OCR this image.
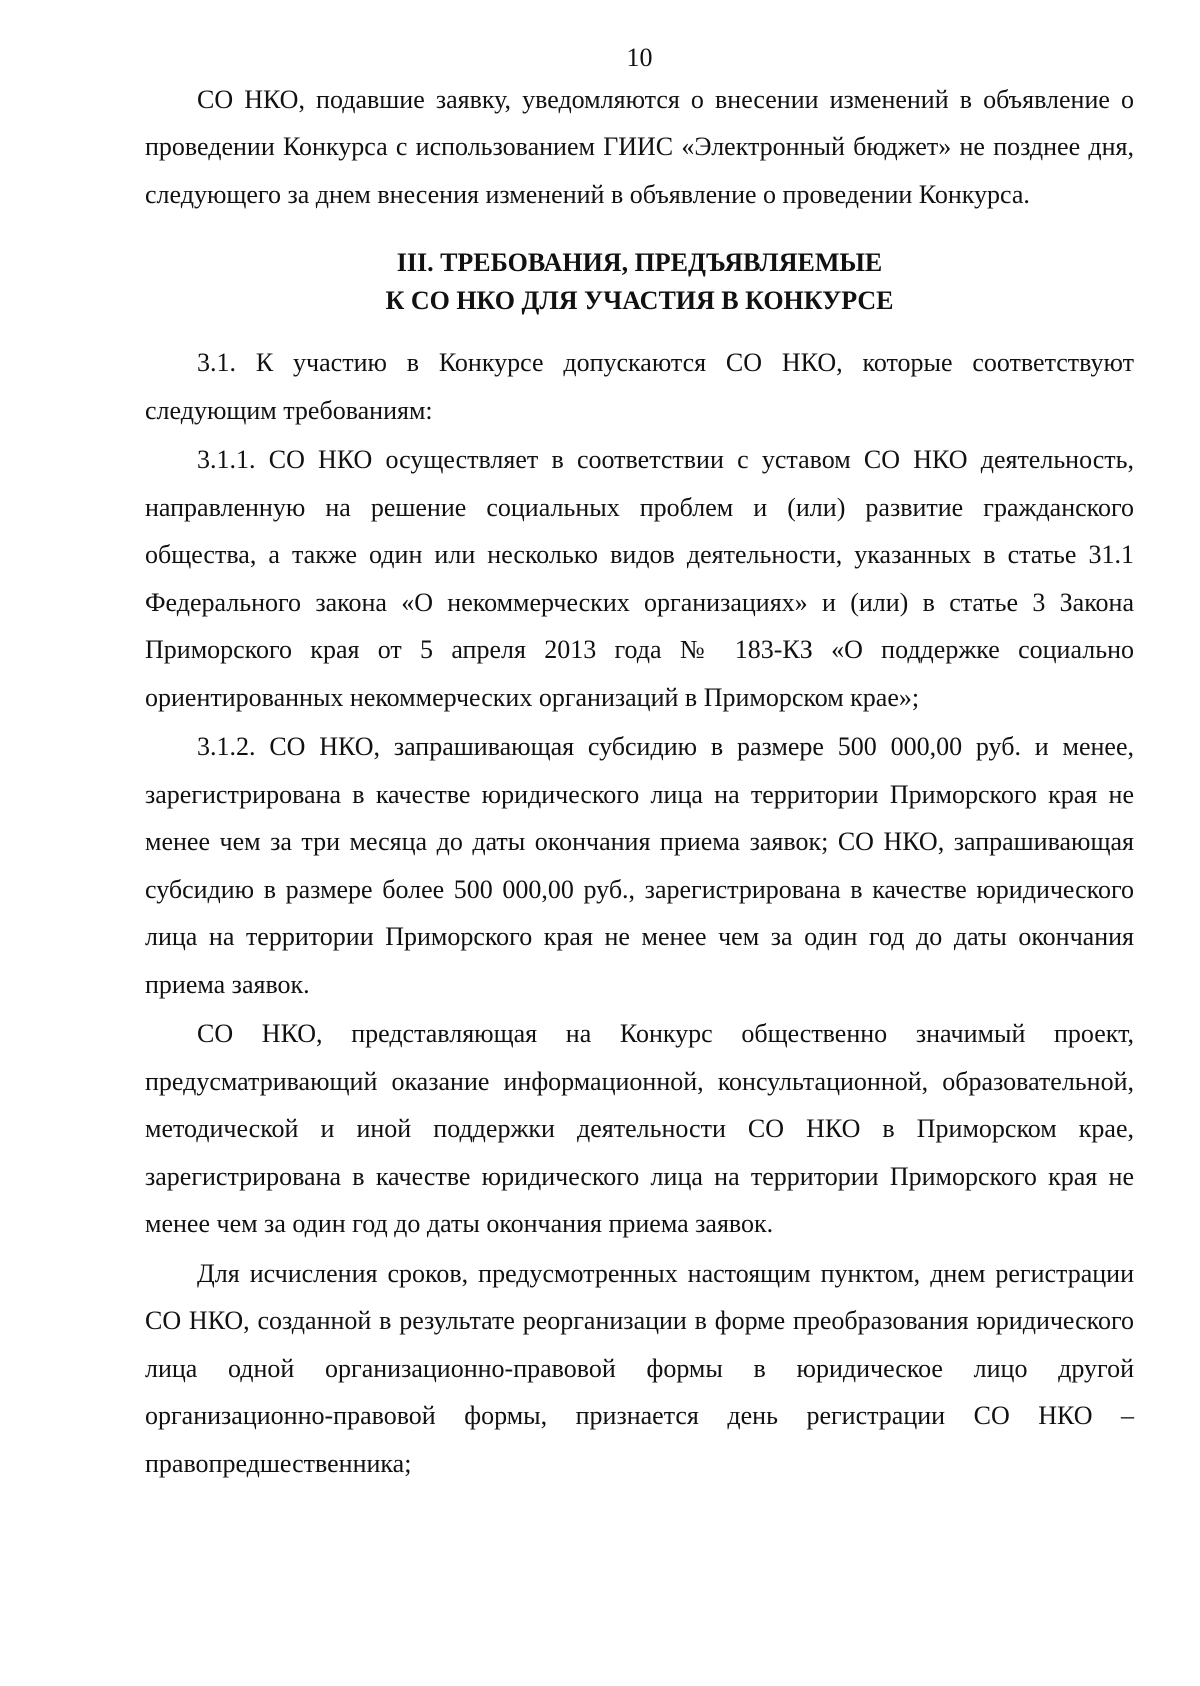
10

СО НКО, подавшие заявку, уведомляются о внесении изменений в объявление о проведении Конкурса с использованием ГИИС «Электронный бюджет» не позднее дня, следующего за днем внесения изменений в объявление о проведении Конкурса.

III. ТРЕБОВАНИЯ, ПРЕДЪЯВЛЯЕМЫЕ
К СО НКО ДЛЯ УЧАСТИЯ В КОНКУРСЕ

3.1. К участию в Конкурсе допускаются СО НКО, которые соответствуют следующим требованиям:

3.1.1. СО НКО осуществляет в соответствии с уставом СО НКО деятельность, направленную на решение социальных проблем и (или) развитие гражданского общества, а также один или несколько видов деятельности, указанных в статье 31.1 Федерального закона «О некоммерческих организациях» и (или) в статье 3 Закона Приморского края от 5 апреля 2013 года № 183-КЗ «О поддержке социально ориентированных некоммерческих организаций в Приморском крае»;

3.1.2. СО НКО, запрашивающая субсидию в размере 500 000,00 руб. и менее, зарегистрирована в качестве юридического лица на территории Приморского края не менее чем за три месяца до даты окончания приема заявок; СО НКО, запрашивающая субсидию в размере более 500 000,00 руб., зарегистрирована в качестве юридического лица на территории Приморского края не менее чем за один год до даты окончания приема заявок.

СО НКО, представляющая на Конкурс общественно значимый проект, предусматривающий оказание информационной, консультационной, образовательной, методической и иной поддержки деятельности СО НКО в Приморском крае, зарегистрирована в качестве юридического лица на территории Приморского края не менее чем за один год до даты окончания приема заявок.

Для исчисления сроков, предусмотренных настоящим пунктом, днем регистрации СО НКО, созданной в результате реорганизации в форме преобразования юридического лица одной организационно-правовой формы в юридическое лицо другой организационно-правовой формы, признается день регистрации СО НКО – правопредшественника;
